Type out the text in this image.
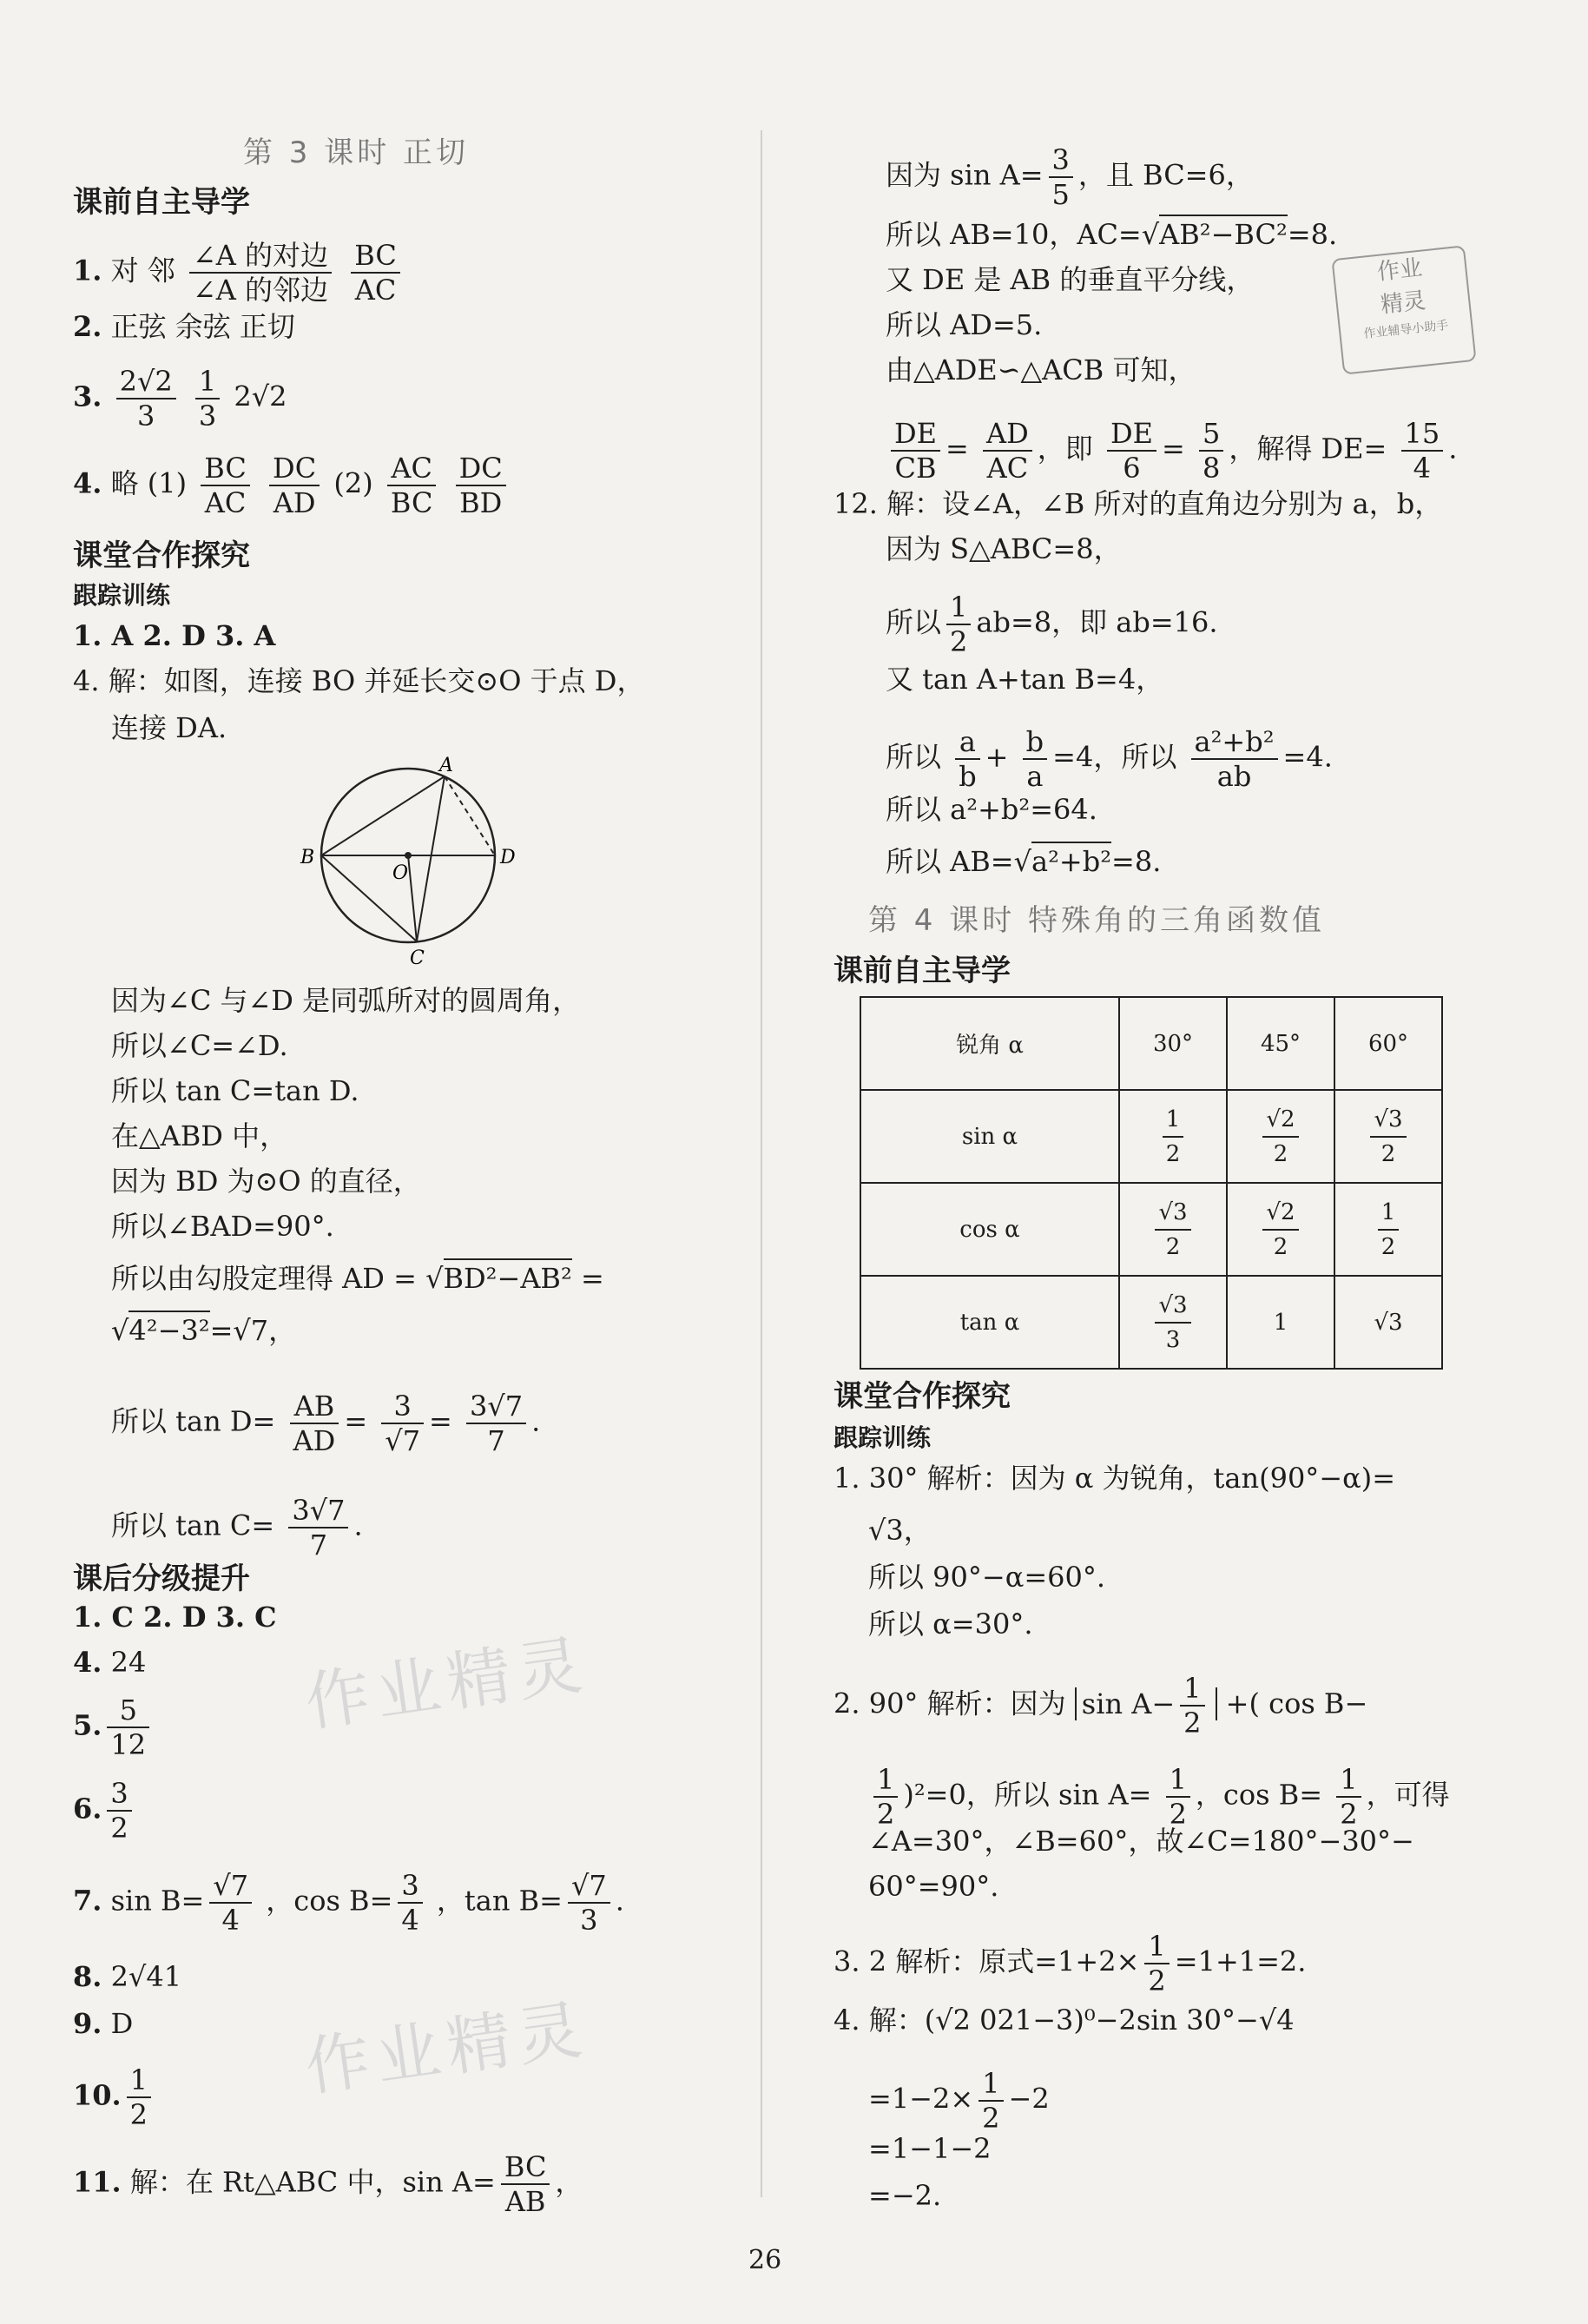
第 3 课时 正切
课前自主导学
1. 对 邻 $\frac{\text{∠A 的对边}}{\text{∠A 的邻边}}$
$\frac{BC}{AC}$
2. 正弦 余弦 正切
3. $\frac{2√2}{3}$
$\frac{1}{3} 2√2$
4. 略 $(1) \frac{BC}{AC}$
$\frac{DC}{AD} (2) \frac{AC}{BC}$
$\frac{DC}{BD}$
课堂合作探究
跟踪训练
1. A 2. D 3. A
4. 解：如图，连接 BO 并延长交⊙O 于点 D，
连接 DA.
A
B
C
D
O
因为∠C 与∠D 是同弧所对的圆周角，
所以∠C=∠D.
所以 tan C=tan D.
在△ABD 中，
因为 BD 为⊙O 的直径，
所以∠BAD=90°.
所以由勾股定理得 AD = √BD²−AB² =
√4²−3²=√7，
所以 $\tan D= \frac{AB}{AD} = \frac{3}{√7} = \frac{3√7}{7}$ .
所以 $\tan C= \frac{3√7}{7}$ .
课后分级提升
1. C 2. D 3. C
4. 24
5. $\frac{5}{12}$
6. $\frac{3}{2}$
7. $\sin B= \frac{√7}{4}$ ，$\cos B= \frac{3}{4}$ ，$\tan B= \frac{√7}{3}$ .
8. 2√41
9. D
10. $\frac{1}{2}$
11. 解：在 Rt△ABC 中，$\sin A= \frac{BC}{AB}$ ，
作业精灵
作业精灵
因为 $\sin A= \frac{3}{5}$ ，且 BC=6，
所以 AB=10，AC=√AB²−BC²=8.
又 DE 是 AB 的垂直平分线，
所以 AD=5.
由△ADE∽△ACB 可知，
$\frac{DE}{CB} = \frac{AD}{AC}$ ，即 $\frac{DE}{6} = \frac{5}{8}$ ，解得 $DE= \frac{15}{4}$ .
作业
精灵
作业辅导小助手
12. 解：设∠A，∠B 所对的直角边分别为 a，b，
因为 S△ABC=8，
所以 $\frac{1}{2} ab=8$，即 ab=16.
又 tan A+tan B=4，
所以 $\frac{a}{b} + \frac{b}{a} =4$，所以 $\frac{\text{a²+b²}}{ab} =4$.
所以 a²+b²=64.
所以 AB=√a²+b²=8.
第 4 课时 特殊角的三角函数值
课前自主导学
锐角 α	30°	45°	60°
sin α	$\frac{1}{2}$	$\frac{√2}{2}$	$\frac{√3}{2}$

cos α	$\frac{√3}{2}$	$\frac{√2}{2}$	$\frac{1}{2}$

tan α	$\frac{√3}{3}$	1	√3
课堂合作探究
跟踪训练
1. 30° 解析：因为 α 为锐角，tan(90°−α)=
√3，
所以 90°−α=60°.
所以 α=30°.
2. 90° 解析：因为 $\sin A- \frac{1}{2}$ +( cos B−
$\frac{1}{2} )^2=0$，所以 $\sin A= \frac{1}{2}$ ，$\cos B= \frac{1}{2}$ ，可得
∠A=30°，∠B=60°，故∠C=180°−30°−
60°=90°.
3. 2 解析：原式$=1+2\times \frac{1}{2} =1+1=2$.
4. 解：(√2 021−3)⁰−2sin 30°−√4
$=1-2\times \frac{1}{2} -2$
=1−1−2
=−2.
26
